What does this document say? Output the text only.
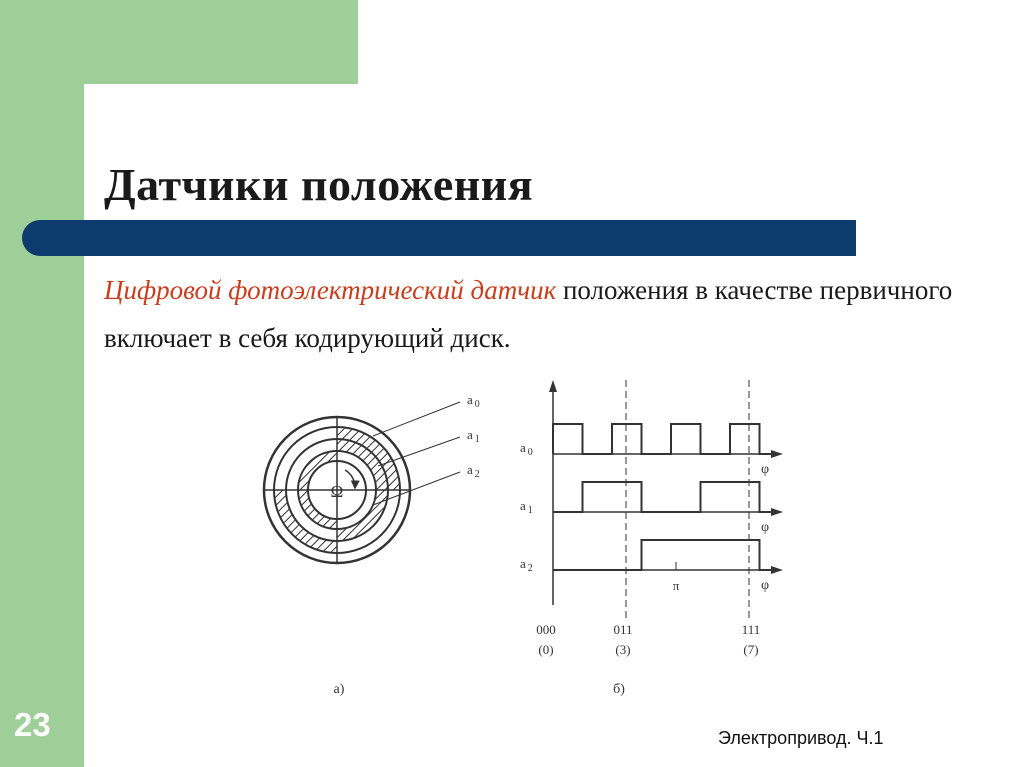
Датчики положения
Цифровой фотоэлектрический датчик положения в качестве первичного включает в себя кодирующий диск.
Ω
a $_0$
a $_1$
a $_2$
а)
a $_0$
a $_1$
a $_2$
φ
φ
φ
π
000	011	111
(0)	(3)	(7)
б)
23	Электропривод. Ч.1
